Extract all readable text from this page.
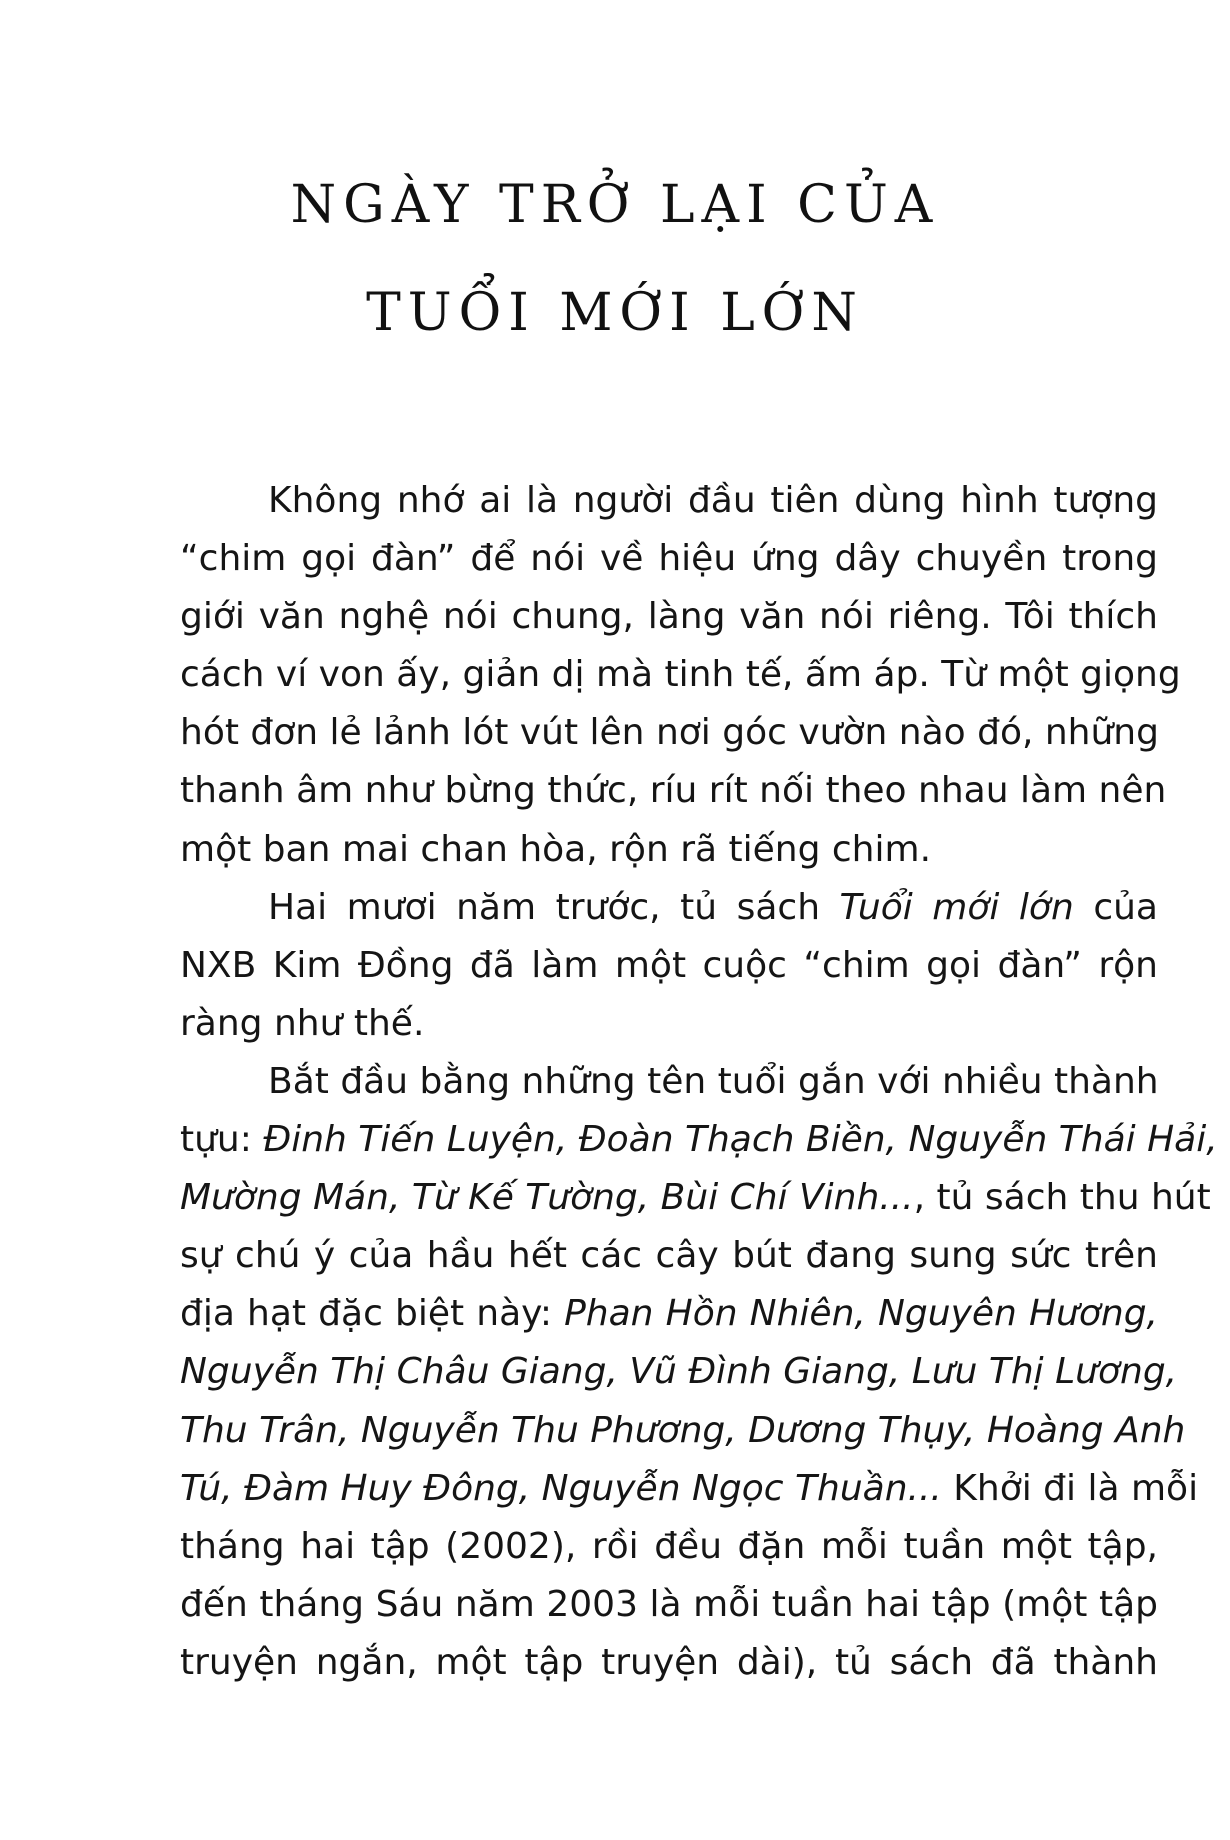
NGÀY TRỞ LẠI CỦA
TUỔI MỚI LỚN
Không nhớ ai là người đầu tiên dùng hình tượng
“chim gọi đàn” để nói về hiệu ứng dây chuyền trong
giới văn nghệ nói chung, làng văn nói riêng. Tôi thích
cách ví von ấy, giản dị mà tinh tế, ấm áp. Từ một giọng
hót đơn lẻ lảnh lót vút lên nơi góc vườn nào đó, những
thanh âm như bừng thức, ríu rít nối theo nhau làm nên
một ban mai chan hòa, rộn rã tiếng chim.
Hai mươi năm trước, tủ sách Tuổi mới lớn của
NXB Kim Đồng đã làm một cuộc “chim gọi đàn” rộn
ràng như thế.
Bắt đầu bằng những tên tuổi gắn với nhiều thành
tựu: Đinh Tiến Luyện, Đoàn Thạch Biền, Nguyễn Thái Hải,
Mường Mán, Từ Kế Tường, Bùi Chí Vinh..., tủ sách thu hút
sự chú ý của hầu hết các cây bút đang sung sức trên
địa hạt đặc biệt này: Phan Hồn Nhiên, Nguyên Hương,
Nguyễn Thị Châu Giang, Vũ Đình Giang, Lưu Thị Lương,
Thu Trân, Nguyễn Thu Phương, Dương Thụy, Hoàng Anh
Tú, Đàm Huy Đông, Nguyễn Ngọc Thuần... Khởi đi là mỗi
tháng hai tập (2002), rồi đều đặn mỗi tuần một tập,
đến tháng Sáu năm 2003 là mỗi tuần hai tập (một tập
truyện ngắn, một tập truyện dài), tủ sách đã thành
